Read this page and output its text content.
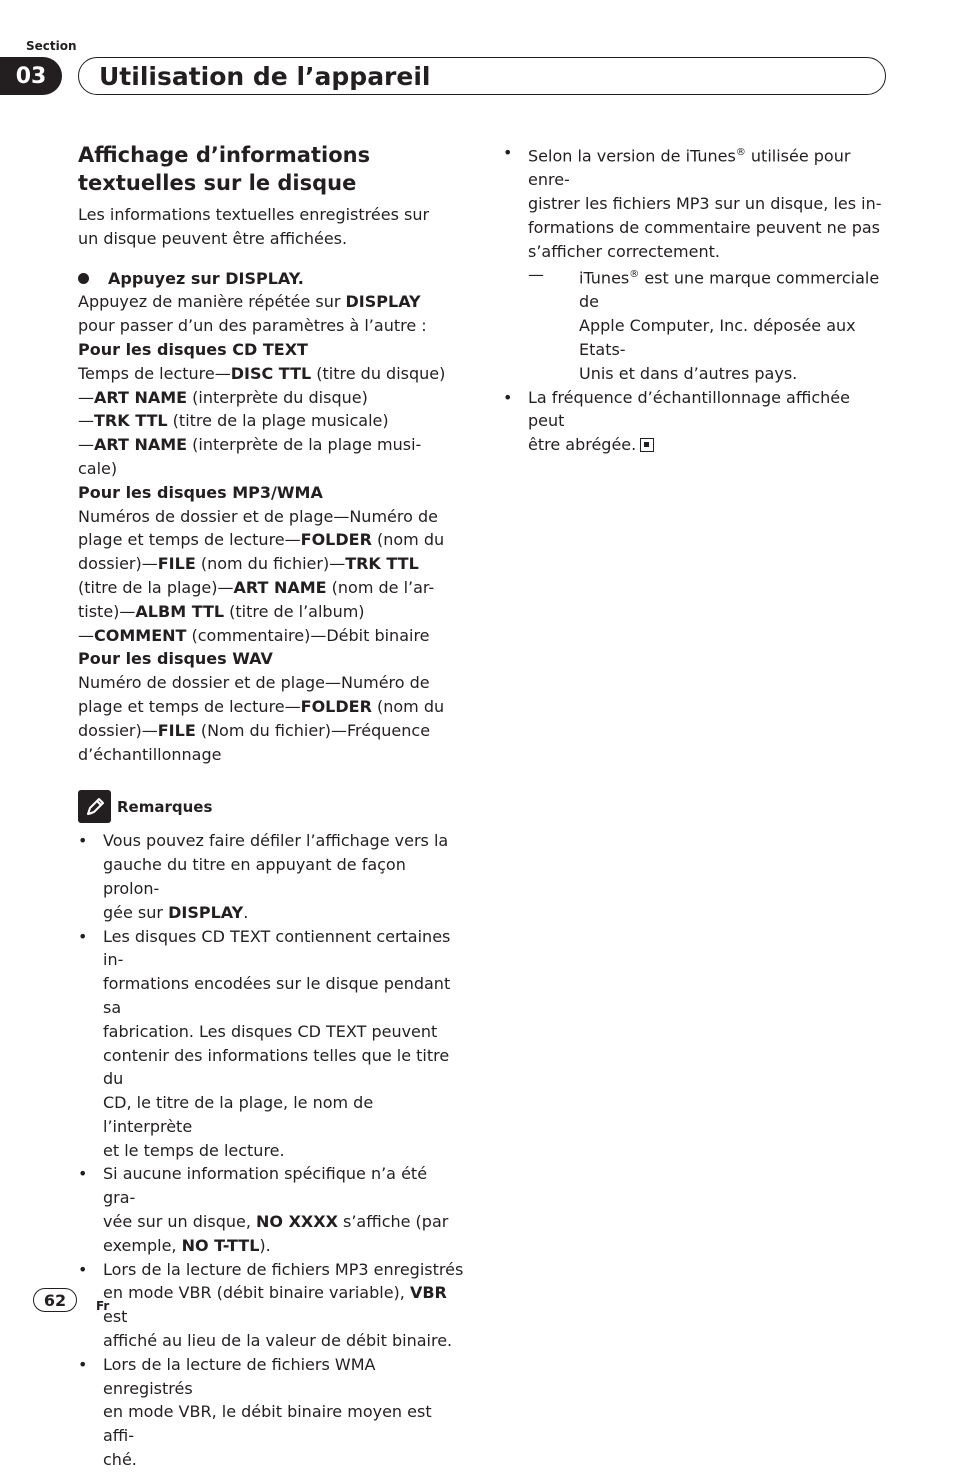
Section
03	Utilisation de l’appareil
Affichage d’informations
textuelles sur le disque

Les informations textuelles enregistrées sur
un disque peuvent être affichées.

Appuyez sur DISPLAY.

Appuyez de manière répétée sur DISPLAY
pour passer d’un des paramètres à l’autre :

Pour les disques CD TEXT

Temps de lecture—DISC TTL (titre du disque)
—ART NAME (interprète du disque)
—TRK TTL (titre de la plage musicale)
—ART NAME (interprète de la plage musi-
cale)

Pour les disques MP3/WMA

Numéros de dossier et de plage—Numéro de
plage et temps de lecture—FOLDER (nom du
dossier)—FILE (nom du fichier)—TRK TTL
(titre de la plage)—ART NAME (nom de l’ar-
tiste)—ALBM TTL (titre de l’album)
—COMMENT (commentaire)—Débit binaire

Pour les disques WAV

Numéro de dossier et de plage—Numéro de
plage et temps de lecture—FOLDER (nom du
dossier)—FILE (Nom du fichier)—Fréquence
d’échantillonnage

Remarques
• Vous pouvez faire défiler l’affichage vers la
gauche du titre en appuyant de façon prolon-
gée sur DISPLAY.
• Les disques CD TEXT contiennent certaines in-
formations encodées sur le disque pendant sa
fabrication. Les disques CD TEXT peuvent
contenir des informations telles que le titre du
CD, le titre de la plage, le nom de l’interprète
et le temps de lecture.
• Si aucune information spécifique n’a été gra-
vée sur un disque, NO XXXX s’affiche (par
exemple, NO T-TTL).
• Lors de la lecture de fichiers MP3 enregistrés
en mode VBR (débit binaire variable), VBR est
affiché au lieu de la valeur de débit binaire.
• Lors de la lecture de fichiers WMA enregistrés
en mode VBR, le débit binaire moyen est affi-
ché.
• Selon la version de iTunes® utilisée pour enre-
gistrer les fichiers MP3 sur un disque, les in-
formations de commentaire peuvent ne pas
s’afficher correctement.
—	iTunes® est une marque commerciale de
Apple Computer, Inc. déposée aux Etats-
Unis et dans d’autres pays.
• La fréquence d’échantillonnage affichée peut
être abrégée.
62 Fr
